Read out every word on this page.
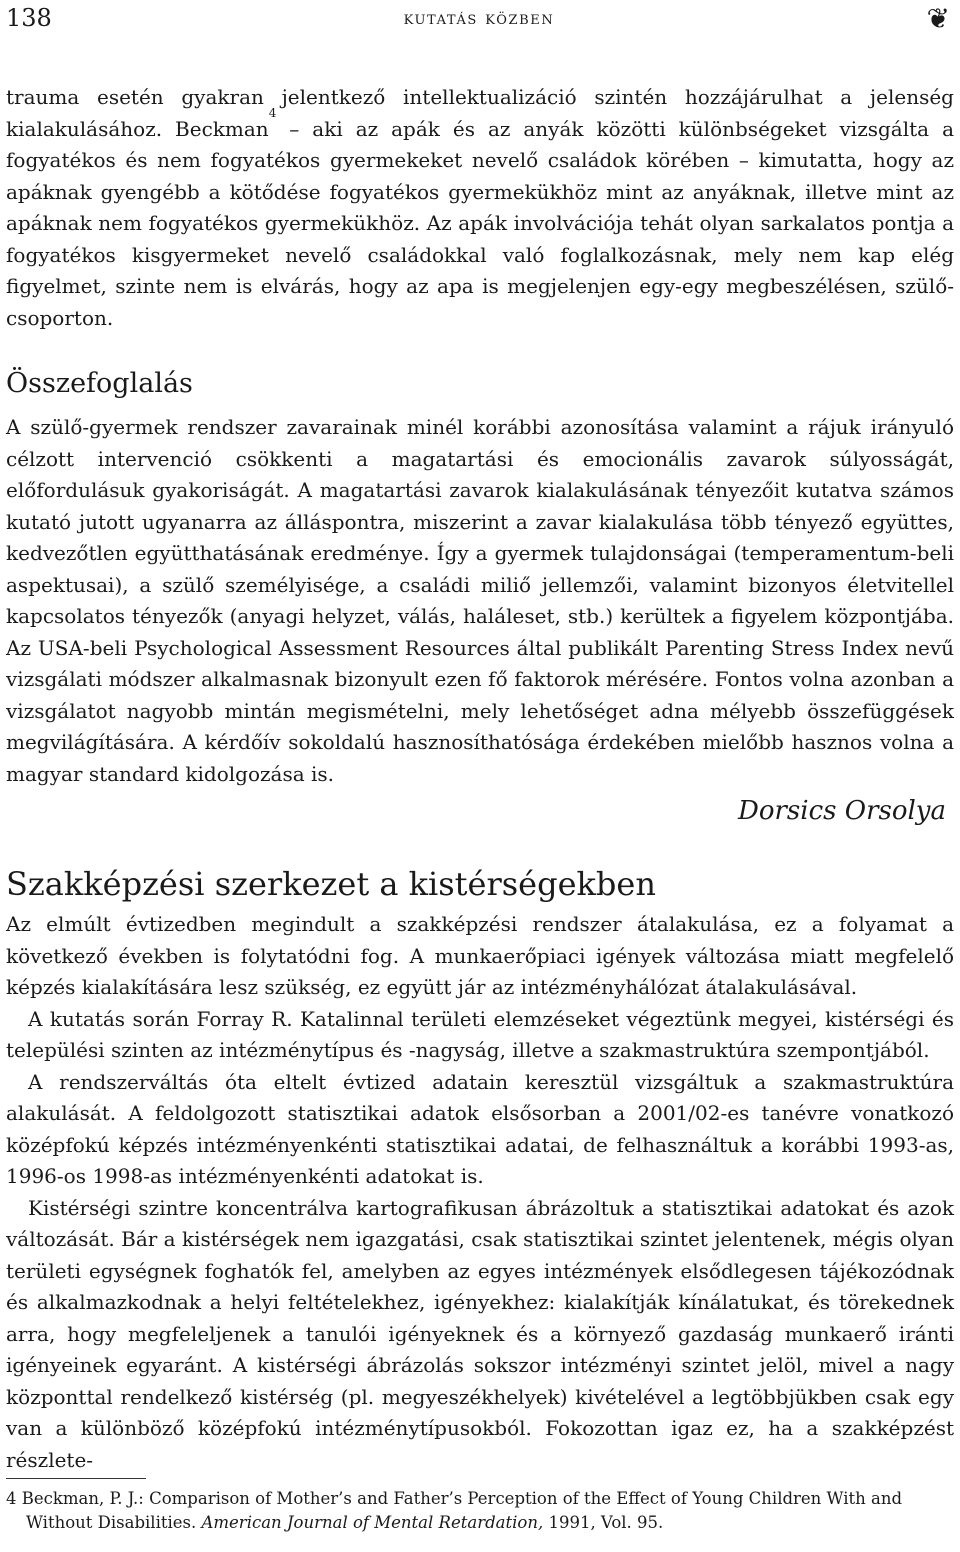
138	kutatás közben	❦

trauma esetén gyakran jelentkező intellektualizáció szintén hozzájárulhat a jelenség kialakulásához. Beckman$^4$ – aki az apák és az anyák közötti különbségeket vizsgálta a fogyatékos és nem fogyatékos gyermekeket nevelő családok körében – kimutatta, hogy az apáknak gyengébb a kötődése fogyatékos gyermekükhöz mint az anyáknak, illetve mint az apáknak nem fogyatékos gyermekükhöz. Az apák involvációja tehát olyan sarkalatos pontja a fogyatékos kisgyermeket nevelő családokkal való foglalkozásnak, mely nem kap elég figyelmet, szinte nem is elvárás, hogy az apa is megjelenjen egy-egy megbeszélésen, szülő-csoporton.

Összefoglalás

A szülő-gyermek rendszer zavarainak minél korábbi azonosítása valamint a rájuk irányuló célzott intervenció csökkenti a magatartási és emocionális zavarok súlyosságát, előfordulásuk gyakoriságát. A magatartási zavarok kialakulásának tényezőit kutatva számos kutató jutott ugyanarra az álláspontra, miszerint a zavar kialakulása több tényező együttes, kedvezőtlen együtthatásának eredménye. Így a gyermek tulajdonságai (temperamentum-beli aspektusai), a szülő személyisége, a családi miliő jellemzői, valamint bizonyos életvitellel kapcsolatos tényezők (anyagi helyzet, válás, haláleset, stb.) kerültek a figyelem központjába. Az USA-beli Psychological Assessment Resources által publikált Parenting Stress Index nevű vizsgálati módszer alkalmasnak bizonyult ezen fő faktorok mérésére. Fontos volna azonban a vizsgálatot nagyobb mintán megismételni, mely lehetőséget adna mélyebb összefüggések megvilágítására. A kérdőív sokoldalú hasznosíthatósága érdekében mielőbb hasznos volna a magyar standard kidolgozása is.

Dorsics Orsolya
Szakképzési szerkezet a kistérségekben

Az elmúlt évtizedben megindult a szakképzési rendszer átalakulása, ez a folyamat a következő években is folytatódni fog. A munkaerőpiaci igények változása miatt megfelelő képzés kialakítására lesz szükség, ez együtt jár az intézményhálózat átalakulásával.

A kutatás során Forray R. Katalinnal területi elemzéseket végeztünk megyei, kistérségi és települési szinten az intézménytípus és -nagyság, illetve a szakmastruktúra szempontjából.

A rendszerváltás óta eltelt évtized adatain keresztül vizsgáltuk a szakmastruktúra alakulását. A feldolgozott statisztikai adatok elsősorban a 2001/02-es tanévre vonatkozó középfokú képzés intézményenkénti statisztikai adatai, de felhasználtuk a korábbi 1993-as, 1996-os 1998-as intézményenkénti adatokat is.

Kistérségi szintre koncentrálva kartografikusan ábrázoltuk a statisztikai adatokat és azok változását. Bár a kistérségek nem igazgatási, csak statisztikai szintet jelentenek, mégis olyan területi egységnek foghatók fel, amelyben az egyes intézmények elsődlegesen tájékozódnak és alkalmazkodnak a helyi feltételekhez, igényekhez: kialakítják kínálatukat, és törekednek arra, hogy megfeleljenek a tanulói igényeknek és a környező gazdaság munkaerő iránti igényeinek egyaránt. A kistérségi ábrázolás sokszor intézményi szintet jelöl, mivel a nagy központtal rendelkező kistérség (pl. megyeszékhelyek) kivételével a legtöbbjükben csak egy van a különböző középfokú intézménytípusokból. Fokozottan igaz ez, ha a szakképzést részlete-

4 Beckman, P. J.: Comparison of Mother’s and Father’s Perception of the Effect of Young Children With and
Without Disabilities. American Journal of Mental Retardation, 1991, Vol. 95.
